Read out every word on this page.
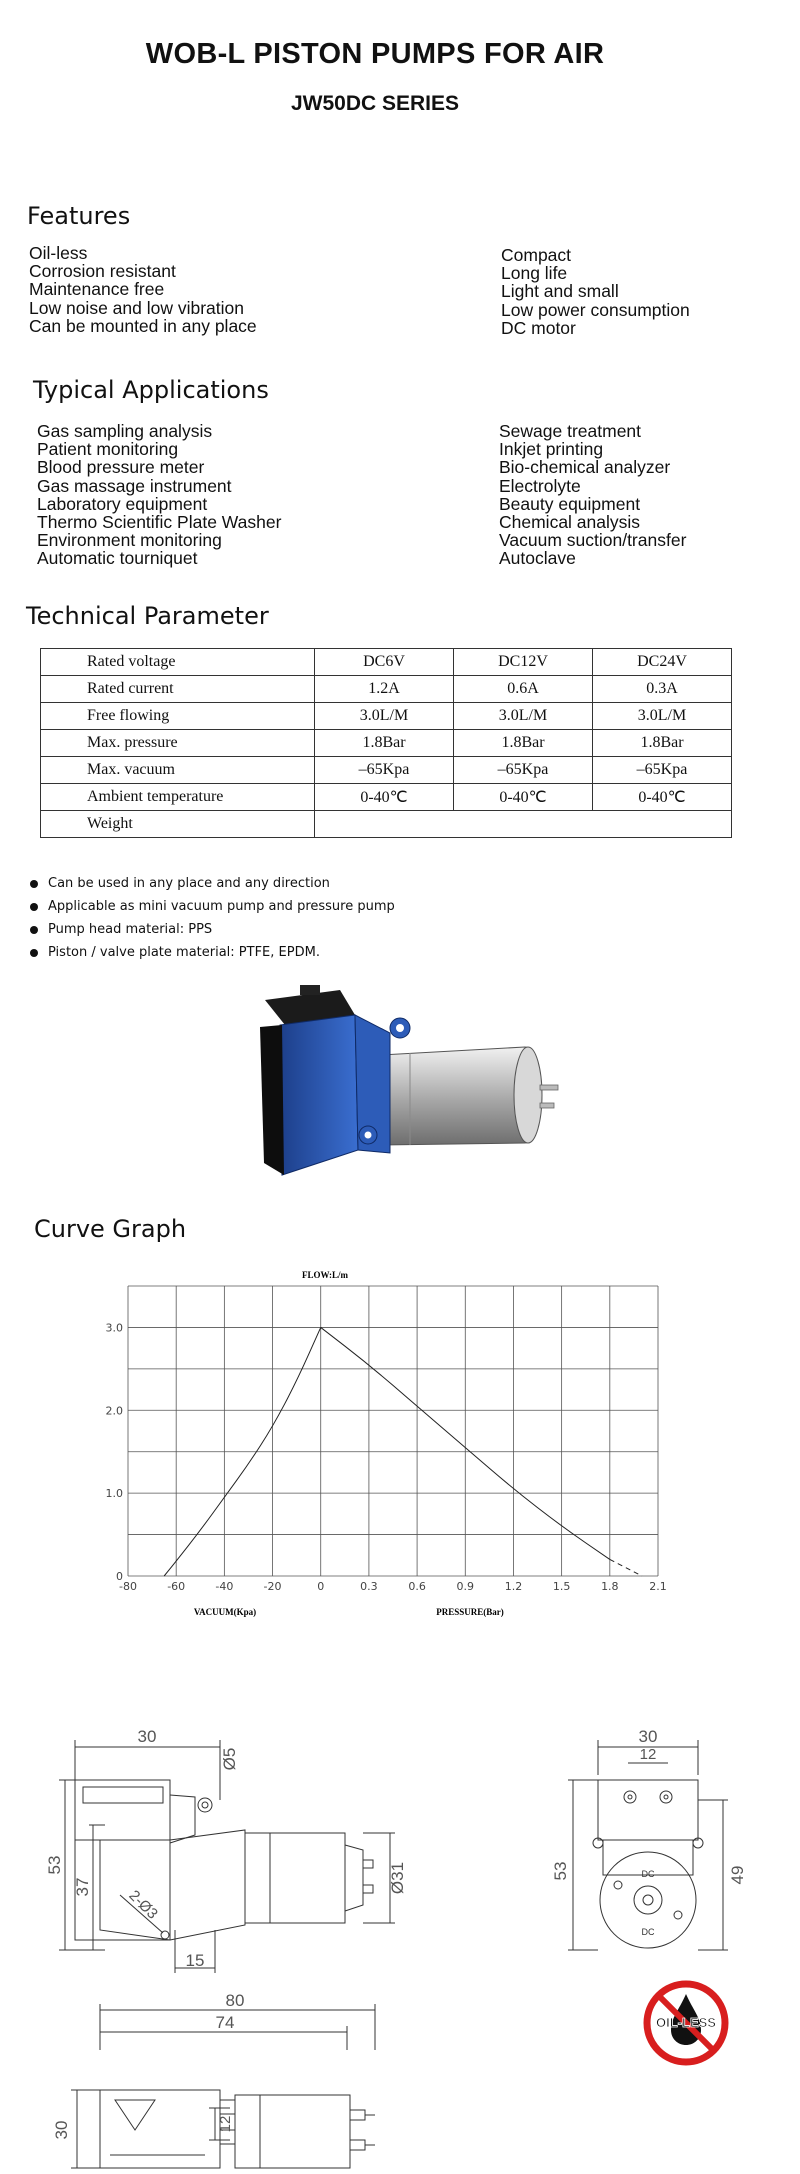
WOB-L PISTON PUMPS FOR AIR
JW50DC SERIES
Features
Oil-less
Corrosion resistant
Maintenance free
Low noise and low vibration
Can be mounted in any place
Compact
Long life
Light and small
Low power consumption
DC motor
Typical Applications
Gas sampling analysis
Patient monitoring
Blood pressure meter
Gas massage instrument
Laboratory equipment
Thermo Scientific Plate Washer
Environment monitoring
Automatic tourniquet
Sewage treatment
Inkjet printing
Bio-chemical analyzer
Electrolyte
Beauty equipment
Chemical analysis
Vacuum suction/transfer
Autoclave
Technical Parameter
Rated voltage	DC6V	DC12V	DC24V
Rated current	1.2A	0.6A	0.3A
Free flowing	3.0L/M	3.0L/M	3.0L/M
Max. pressure	1.8Bar	1.8Bar	1.8Bar
Max. vacuum	–65Kpa	–65Kpa	–65Kpa
Ambient temperature	0-40℃	0-40℃	0-40℃
Weight			
Can be used in any place and any direction
Applicable as mini vacuum pump and pressure pump
Pump head material: PPS
Piston / valve plate material: PTFE, EPDM.
Curve Graph
FLOW:L/m
-80	-60	-40	-20	0	0.3	0.6	0.9	1.2	1.5	1.8	2.1
0
1.0
2.0
3.0
VACUUM(Kpa)	PRESSURE(Bar)
30
Ø5
53
37
2-Ø3
Ø31
15
30
12
53	49
DC
DC
80
74
30	12
OIL-LESS
